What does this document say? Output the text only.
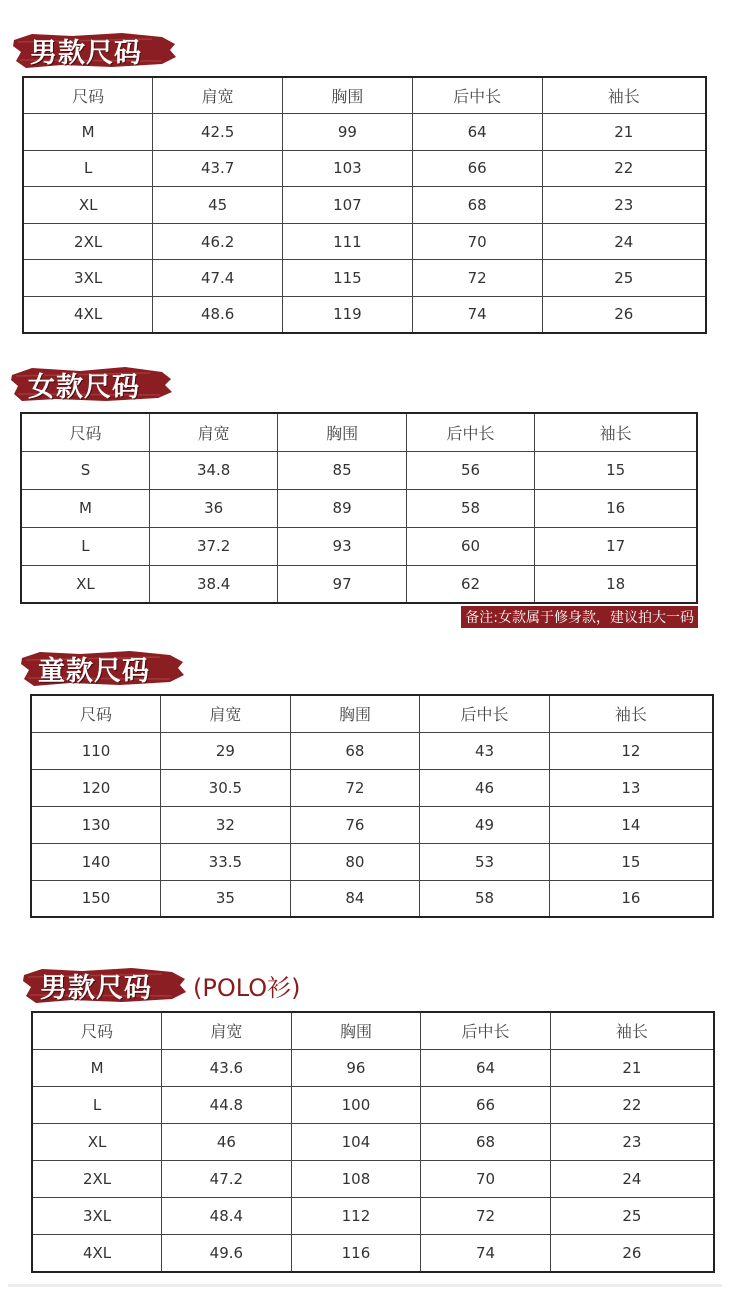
男款尺码
尺码	肩宽	胸围	后中长	袖长
M	42.5	99	64	21
L	43.7	103	66	22
XL	45	107	68	23
2XL	46.2	111	70	24
3XL	47.4	115	72	25
4XL	48.6	119	74	26
女款尺码
尺码	肩宽	胸围	后中长	袖长
S	34.8	85	56	15
M	36	89	58	16
L	37.2	93	60	17
XL	38.4	97	62	18
备注:女款属于修身款，建议拍大一码
童款尺码
尺码	肩宽	胸围	后中长	袖长
110	29	68	43	12
120	30.5	72	46	13
130	32	76	49	14
140	33.5	80	53	15
150	35	84	58	16
男款尺码 (POLO衫)
尺码	肩宽	胸围	后中长	袖长
M	43.6	96	64	21
L	44.8	100	66	22
XL	46	104	68	23
2XL	47.2	108	70	24
3XL	48.4	112	72	25
4XL	49.6	116	74	26
